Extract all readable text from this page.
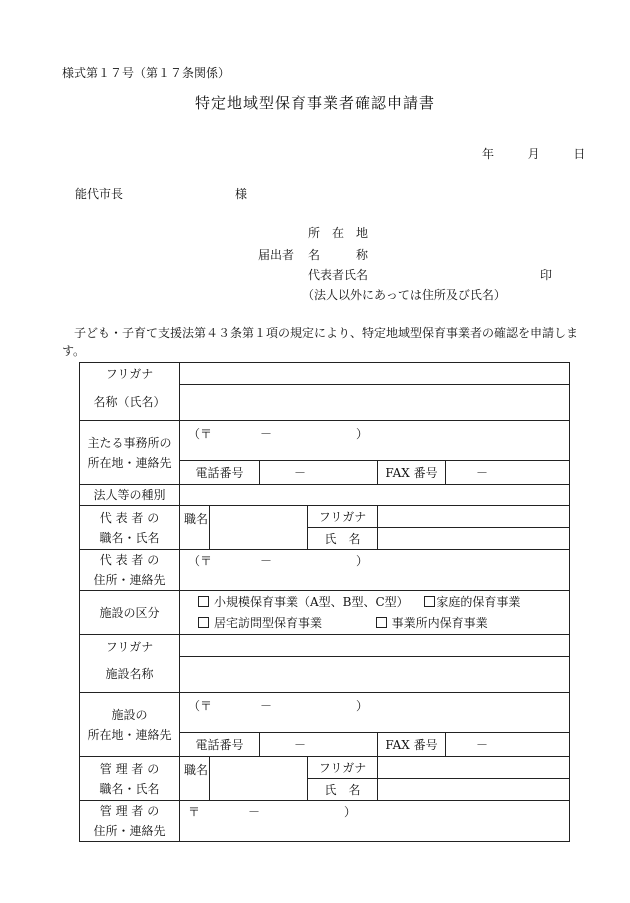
様式第１７号（第１７条関係）
特定地域型保育事業者確認申請書
年	月	日
能代市長	様
所　在　地
届出者 名　　　称
代表者氏名	印
（法人以外にあっては住所及び氏名）
子ども・子育て支援法第４３条第１項の規定により、特定地域型保育事業者の確認を申請します。
フリガナ						
名称（氏名）						

主たる事務所の
所在地・連絡先	（〒　　　　－　　　　　　　）					
	電話番号		－		FAX 番号	－
法人等の種別						

代 表 者 の
職名・氏名	職名			フリガナ		
				氏　名		

代 表 者 の
住所・連絡先	（〒　　　　－　　　　　　　）					
施設の区分	小規模保育事業（A型、B型、C型） 家庭的保育事業
居宅訪問型保育事業 事業所内保育事業					

フリガナ						
施設名称						

施設の
所在地・連絡先	（〒　　　　－　　　　　　　）					
	電話番号		－		FAX 番号	－

管 理 者 の
職名・氏名	職名			フリガナ		
				氏　名		

管 理 者 の
住所・連絡先	〒　　　　－　　　　　　　）					
